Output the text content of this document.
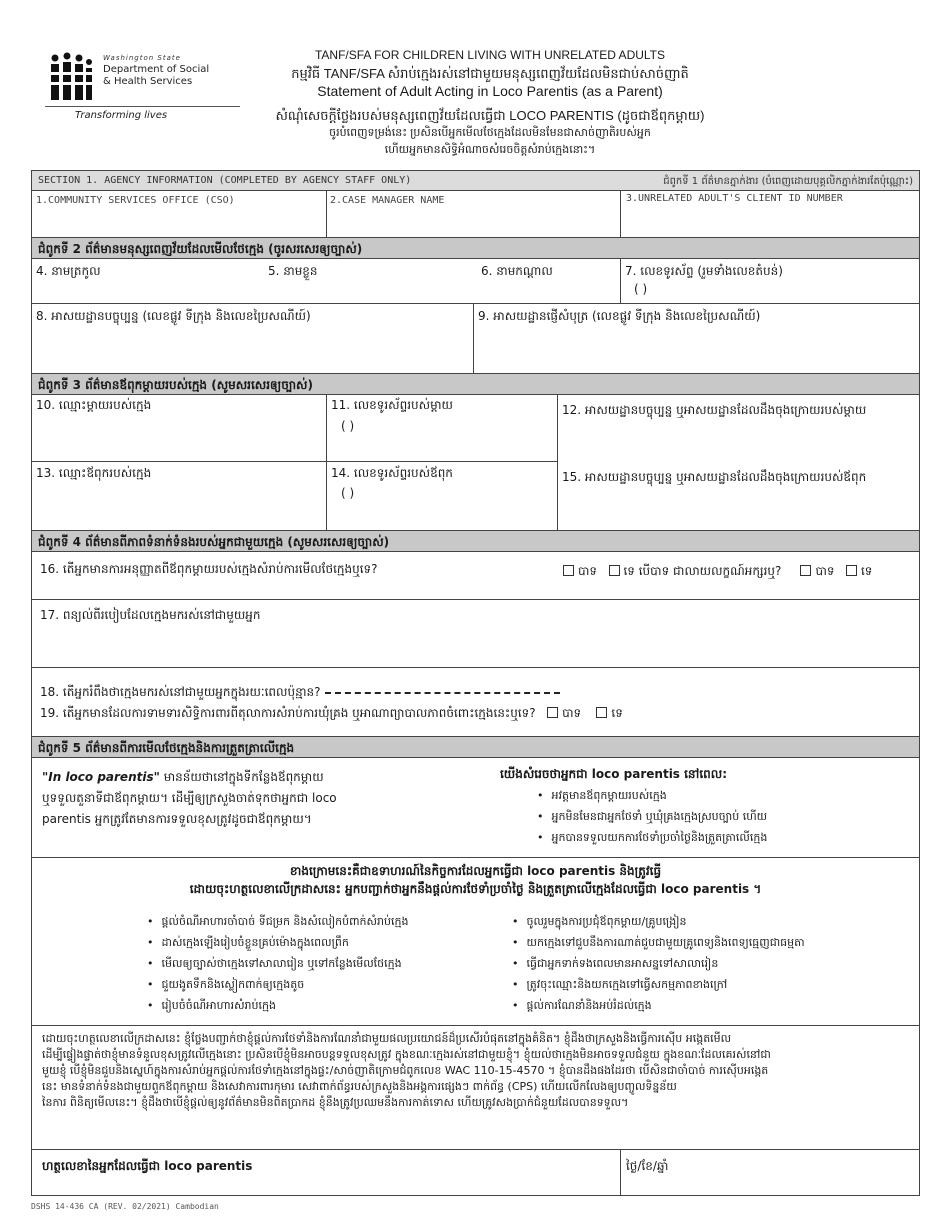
Washington State
Department of Social
& Health Services
Transforming lives
TANF/SFA FOR CHILDREN LIVING WITH UNRELATED ADULTS
កម្មវិធី TANF/SFA សំរាប់ក្មេងរស់នៅជាមួយមនុស្សពេញវ័យដែលមិនជាប់សាច់ញាតិ
Statement of Adult Acting in Loco Parentis (as a Parent)
សំណុំសេចក្ដីថ្លែងរបស់មនុស្សពេញវ័យដែលធ្វើជា LOCO PARENTIS (ដូចជាឪពុកម្ដាយ)
ចូរបំពេញទម្រង់នេះ ប្រសិនបើអ្នកមើលថែក្មេងដែលមិនមែនជាសាច់ញាតិរបស់អ្នក
ហើយអ្នកមានសិទ្ធិអំណាចសំរេចចិត្តសំរាប់ក្មេងនោះ។
SECTION 1. AGENCY INFORMATION (COMPLETED BY AGENCY STAFF ONLY)	ជំពូកទី 1 ព័ត៌មានភ្នាក់ងារ (បំពេញដោយបុគ្គលិកភ្នាក់ងារតែប៉ុណ្ណោះ)
1.COMMUNITY SERVICES OFFICE (CSO)	2.CASE MANAGER NAME	3.UNRELATED ADULT'S CLIENT ID NUMBER
ជំពូកទី 2 ព័ត៌មានមនុស្សពេញវ័យដែលមើលថែក្មេង (ចូរសរសេរឲ្យច្បាស់)
4. នាមត្រកូល	5. នាមខ្លួន	6. នាមកណ្ដាល	7. លេខទូរស័ព្ទ (រួមទាំងលេខតំបន់)
( )
8. អាសយដ្ឋានបច្ចុប្បន្ន (លេខផ្លូវ ទីក្រុង និងលេខប្រៃសណីយ៍)	9. អាសយដ្ឋានផ្ញើសំបុត្រ (លេខផ្លូវ ទីក្រុង និងលេខប្រៃសណីយ៍)
ជំពូកទី 3 ព័ត៌មានឪពុកម្ដាយរបស់ក្មេង (សូមសរសេរឲ្យច្បាស់)
10. ឈ្មោះម្ដាយរបស់ក្មេង	11. លេខទូរស័ព្ទរបស់ម្ដាយ
( )
12. អាសយដ្ឋានបច្ចុប្បន្ន ឬអាសយដ្ឋានដែលដឹងចុងក្រោយរបស់ម្ដាយ
13. ឈ្មោះឪពុករបស់ក្មេង	14. លេខទូរស័ព្ទរបស់ឪពុក
( )
15. អាសយដ្ឋានបច្ចុប្បន្ន ឬអាសយដ្ឋានដែលដឹងចុងក្រោយរបស់ឪពុក
ជំពូកទី 4 ព័ត៌មានពីភាពទំនាក់ទំនងរបស់អ្នកជាមួយក្មេង (សូមសរសេរឲ្យច្បាស់)
16. តើអ្នកមានការអនុញ្ញាតពីឪពុកម្ដាយរបស់ក្មេងសំរាប់ការមើលថែក្មេងឬទេ?	បាទ ទេ បើបាទ ជាលាយលក្ខណ៍អក្សរឬ?	បាទ ទេ
17. ពន្យល់ពីរបៀបដែលក្មេងមករស់នៅជាមួយអ្នក
18. តើអ្នករំពឹងថាក្មេងមករស់នៅជាមួយអ្នកក្នុងរយៈពេលប៉ុន្មាន?
19. តើអ្នកមានដែលការទាមទារសិទ្ធិការពារពីតុលាការសំរាប់ការឃុំគ្រង ឬអាណាព្យាបាលភាពចំពោះក្មេងនេះឬទេ? បាទ	ទេ
ជំពូកទី 5 ព័ត៌មានពីការមើលថែក្មេងនិងការត្រួតត្រាលើក្មេង
"In loco parentis" មានន័យថានៅក្នុងទីកន្លែងឪពុកម្ដាយ
ឬទទួលតួនាទីជាឪពុកម្ដាយ។ ដើម្បីឲ្យក្រសួងចាត់ទុកថាអ្នកជា loco
parentis អ្នកត្រូវតែមានការទទួលខុសត្រូវដូចជាឪពុកម្ដាយ។
យើងសំរេចថាអ្នកជា loco parentis នៅពេល:
• អវត្តមានឪពុកម្ដាយរបស់ក្មេង
• អ្នកមិនមែនជាអ្នកថែទាំ ឬឃុំគ្រងក្មេងស្របច្បាប់ ហើយ
• អ្នកបានទទួលយកការថែទាំប្រចាំថ្ងៃនិងត្រួតត្រាលើក្មេង
ខាងក្រោមនេះគឺជាឧទាហរណ៍នៃកិច្ចការដែលអ្នកធ្វើជា loco parentis និងត្រូវធ្វើ
ដោយចុះហត្ថលេខាលើក្រដាសនេះ អ្នកបញ្ជាក់ថាអ្នកនឹងផ្ដល់ការថែទាំប្រចាំថ្ងៃ និងត្រួតត្រាលើក្មេងដែលធ្វើជា loco parentis ។
• ផ្ដល់ចំណីអាហារចាំបាច់ ទីជម្រក និងសំលៀកបំពាក់សំរាប់ក្មេង
• ដាស់ក្មេងឡើងរៀបចំខ្លួនគ្រប់ម៉ោងក្នុងពេលព្រឹក
• មើលឲ្យច្បាស់ថាក្មេងទៅសាលារៀន ឬទៅកន្លែងមើលថែក្មេង
• ជួយងូតទឹកនិងស្លៀកពាក់ឲ្យក្មេងតូច
• រៀបចំចំណីអាហារសំរាប់ក្មេង
• ចូលរួមក្នុងការប្រជុំឪពុកម្ដាយ/គ្រូបង្រៀន
• យកក្មេងទៅជួបនឹងការណាត់ជួបជាមួយគ្រូពេទ្យនិងពេទ្យធ្មេញជាធម្មតា
• ធ្វើជាអ្នកទាក់ទងពេលមានអាសន្នទៅសាលារៀន
• ត្រូវចុះឈ្មោះនិងយកក្មេងទៅធ្វើសកម្មភាពខាងក្រៅ
• ផ្ដល់ការណែនាំនិងអប់រំដល់ក្មេង
ដោយចុះហត្ថលេខាលើក្រដាសនេះ ខ្ញុំថ្លែងបញ្ជាក់ថាខ្ញុំផ្ដល់ការថែទាំនិងការណែនាំជាមួយផលប្រយោជន៍ដ៏ប្រសើរបំផុតនៅក្នុងគំនិត។ ខ្ញុំដឹងថាក្រសួងនិងធ្វើការស៊ើប អង្កេតមើល
ដើម្បីផ្ទៀងផ្ទាត់ថាខ្ញុំមានទំនួលខុសត្រូវលើក្មេងនោះ ប្រសិនបើខ្ញុំមិនអាចបន្តទទួលខុសត្រូវ ក្នុងខណៈក្មេងរស់នៅជាមួយខ្ញុំ។ ខ្ញុំយល់ថាក្មេងមិនអាចទទួលជំនួយ ក្នុងខណៈដែលគេរស់នៅជា
មួយខ្ញុំ បើខ្ញុំមិនជួបនិងស្នេហ៍ក្នុងការសំរាប់អ្នកផ្ដល់ការថែទាំក្មេងនៅក្នុងផ្ទះ/សាច់ញាតិក្រោមជំពូកលេខ WAC 110-15-4570 ។ ខ្ញុំបានដឹងផងដែរថា បើសិនជាចាំបាច់ ការស៊ើបអង្កេត
នេះ មានទំនាក់ទំនងជាមួយពួកឪពុកម្ដាយ និងសេវាការពារកុមារ សេវាពាក់ព័ន្ធរបស់ក្រសួងនិងអង្គការផ្សេងៗ ពាក់ព័ន្ធ (CPS) ហើយលើកលែងឲ្យបញ្ចូលទិន្នន័យ
នៃការ ពិនិត្យមើលនេះ។ ខ្ញុំដឹងថាបើខ្ញុំផ្ដល់ឲ្យនូវព័ត៌មានមិនពិតប្រាកដ ខ្ញុំនឹងត្រូវប្រឈមនឹងការកាត់ទោស ហើយត្រូវសងប្រាក់ជំនួយដែលបានទទួល។
ហត្ថលេខានៃអ្នកដែលធ្វើជា loco parentis	ថ្ងៃ/ខែ/ឆ្នាំ
DSHS 14-436 CA (REV. 02/2021) Cambodian
